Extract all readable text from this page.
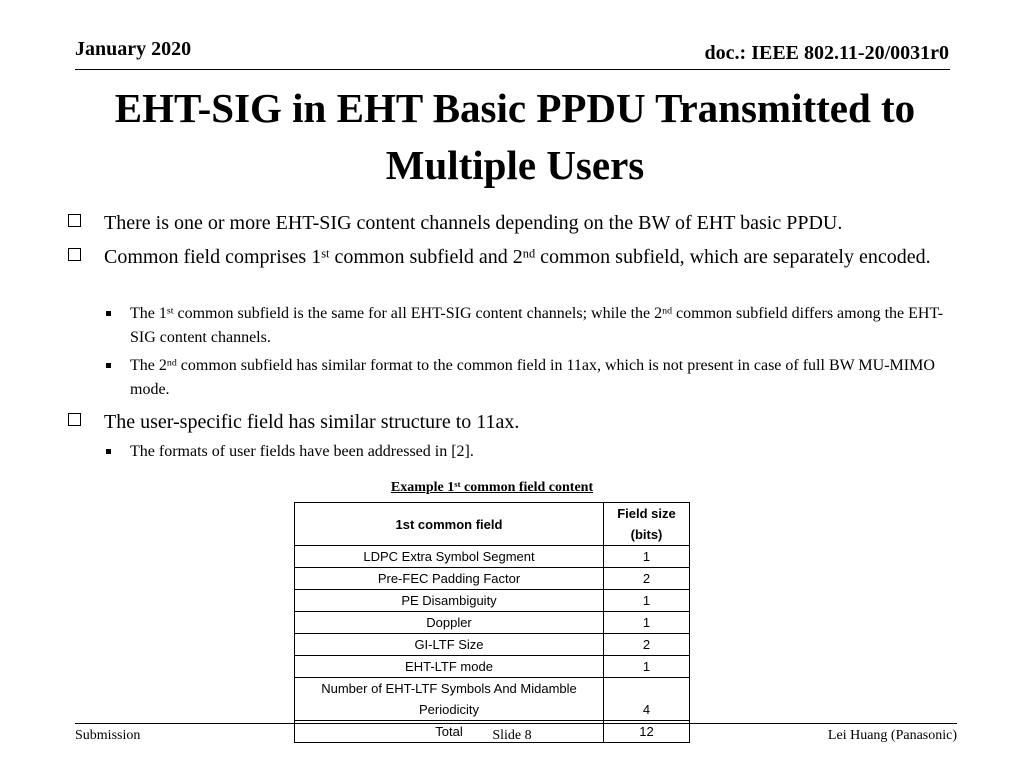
January 2020	doc.: IEEE 802.11-20/0031r0
EHT-SIG in EHT Basic PPDU Transmitted to
Multiple Users
There is one or more EHT-SIG content channels depending on the BW of EHT basic PPDU.
Common field comprises 1st common subfield and 2nd common subfield, which are separately encoded.
The 1st common subfield is the same for all EHT-SIG content channels; while the 2nd common subfield differs among the EHT-SIG content channels.
The 2nd common subfield has similar format to the common field in 11ax, which is not present in case of full BW MU-MIMO mode.
The user-specific field has similar structure to 11ax.
The formats of user fields have been addressed in [2].
Example 1st common field content
1st common field	Field size (bits)
LDPC Extra Symbol Segment	1
Pre-FEC Padding Factor	2
PE Disambiguity	1
Doppler	1
GI-LTF Size	2
EHT-LTF mode	1
Number of EHT-LTF Symbols And Midamble Periodicity	4
Total	12
Submission	Slide 8	Lei Huang (Panasonic)
